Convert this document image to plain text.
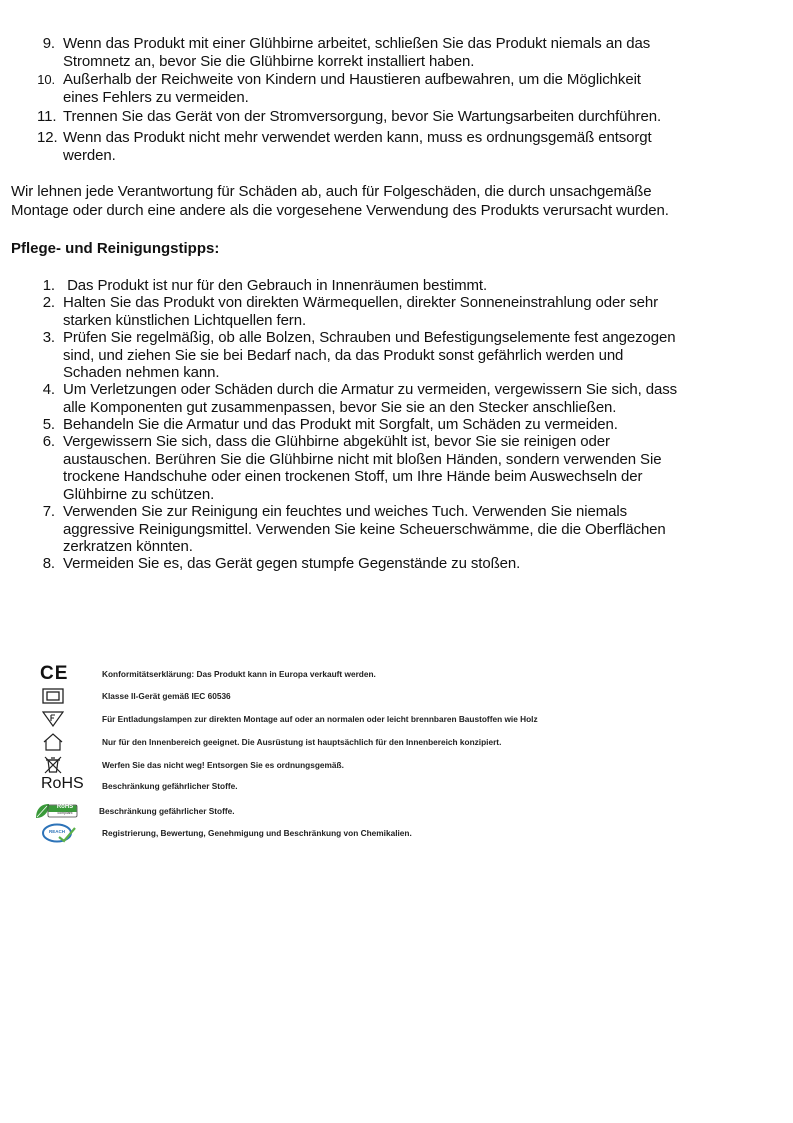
9. Wenn das Produkt mit einer Glühbirne arbeitet, schließen Sie das Produkt niemals an das
Stromnetz an, bevor Sie die Glühbirne korrekt installiert haben.
10. Außerhalb der Reichweite von Kindern und Haustieren aufbewahren, um die Möglichkeit
eines Fehlers zu vermeiden.
11. Trennen Sie das Gerät von der Stromversorgung, bevor Sie Wartungsarbeiten durchführen.
12. Wenn das Produkt nicht mehr verwendet werden kann, muss es ordnungsgemäß entsorgt
werden.
Wir lehnen jede Verantwortung für Schäden ab, auch für Folgeschäden, die durch unsachgemäße
Montage oder durch eine andere als die vorgesehene Verwendung des Produkts verursacht wurden.
Pflege- und Reinigungstipps:
1. Das Produkt ist nur für den Gebrauch in Innenräumen bestimmt.
2. Halten Sie das Produkt von direkten Wärmequellen, direkter Sonneneinstrahlung oder sehr
starken künstlichen Lichtquellen fern.
3. Prüfen Sie regelmäßig, ob alle Bolzen, Schrauben und Befestigungselemente fest angezogen
sind, und ziehen Sie sie bei Bedarf nach, da das Produkt sonst gefährlich werden und
Schaden nehmen kann.
4. Um Verletzungen oder Schäden durch die Armatur zu vermeiden, vergewissern Sie sich, dass
alle Komponenten gut zusammenpassen, bevor Sie sie an den Stecker anschließen.
5. Behandeln Sie die Armatur und das Produkt mit Sorgfalt, um Schäden zu vermeiden.
6. Vergewissern Sie sich, dass die Glühbirne abgekühlt ist, bevor Sie sie reinigen oder
austauschen. Berühren Sie die Glühbirne nicht mit bloßen Händen, sondern verwenden Sie
trockene Handschuhe oder einen trockenen Stoff, um Ihre Hände beim Auswechseln der
Glühbirne zu schützen.
7. Verwenden Sie zur Reinigung ein feuchtes und weiches Tuch. Verwenden Sie niemals
aggressive Reinigungsmittel. Verwenden Sie keine Scheuerschwämme, die die Oberflächen
zerkratzen könnten.
8. Vermeiden Sie es, das Gerät gegen stumpfe Gegenstände zu stoßen.
CE	Konformitätserklärung: Das Produkt kann in Europa verkauft werden.
Klasse II-Gerät gemäß IEC 60536
Für Entladungslampen zur direkten Montage auf oder an normalen oder leicht brennbaren Baustoffen wie Holz
Nur für den Innenbereich geeignet. Die Ausrüstung ist hauptsächlich für den Innenbereich konzipiert.
Werfen Sie das nicht weg! Entsorgen Sie es ordnungsgemäß.
RoHS Beschränkung gefährlicher Stoffe.
RoHS
compliant	Beschränkung gefährlicher Stoffe.
REACH	Registrierung, Bewertung, Genehmigung und Beschränkung von Chemikalien.
